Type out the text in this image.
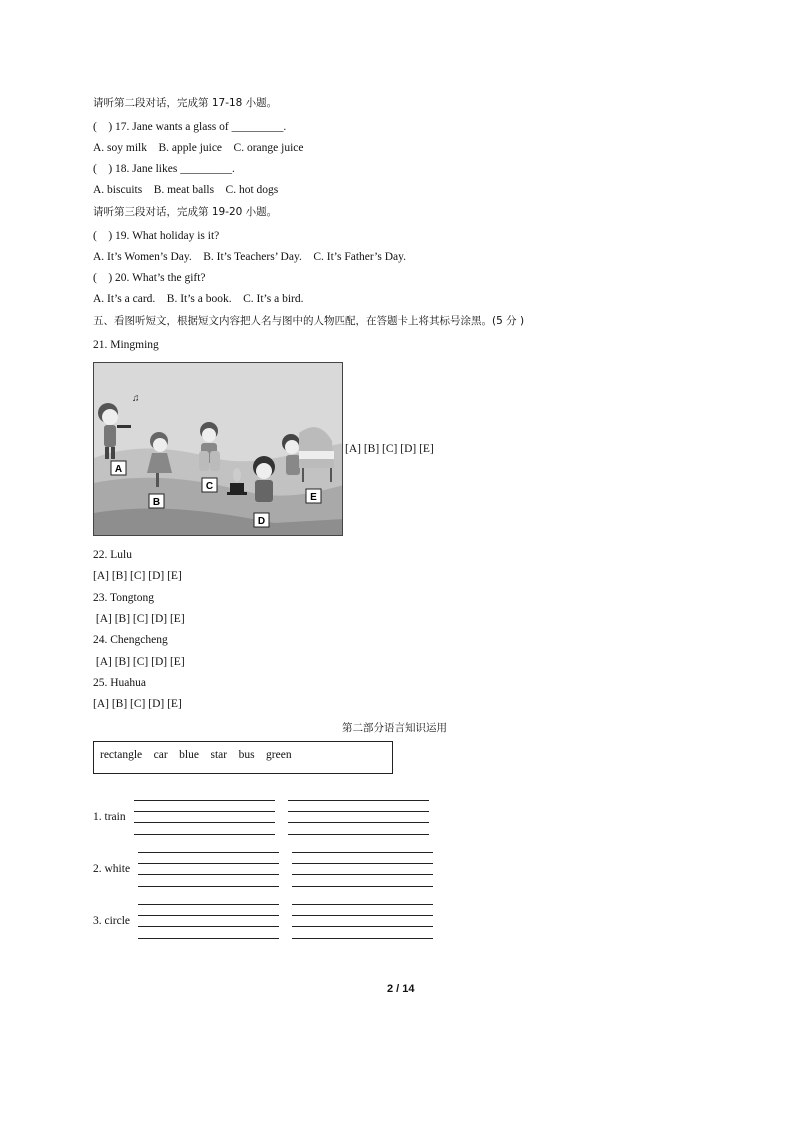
请听第二段对话，完成第 17-18 小题。
(    ) 17. Jane wants a glass of _________.
A. soy milk    B. apple juice    C. orange juice
(    ) 18. Jane likes _________.
A. biscuits    B. meat balls    C. hot dogs
请听第三段对话，完成第 19-20 小题。
(    ) 19. What holiday is it?
A. It’s Women’s Day.    B. It’s Teachers’ Day.    C. It’s Father’s Day.
(    ) 20. What’s the gift?
A. It’s a card.    B. It’s a book.    C. It’s a bird.
五、看图听短文，根据短文内容把人名与图中的人物匹配，在答题卡上将其标号涂黑。(5 分 )
21. Mingming
♫
A
B
C
D
E
[A] [B] [C] [D] [E]
22. Lulu
[A] [B] [C] [D] [E]
23. Tongtong
[A] [B] [C] [D] [E]
24. Chengcheng
[A] [B] [C] [D] [E]
25. Huahua
[A] [B] [C] [D] [E]
第二部分语言知识运用
rectangle    car    blue    star    bus    green
1. train
2. white
3. circle
2 / 14
